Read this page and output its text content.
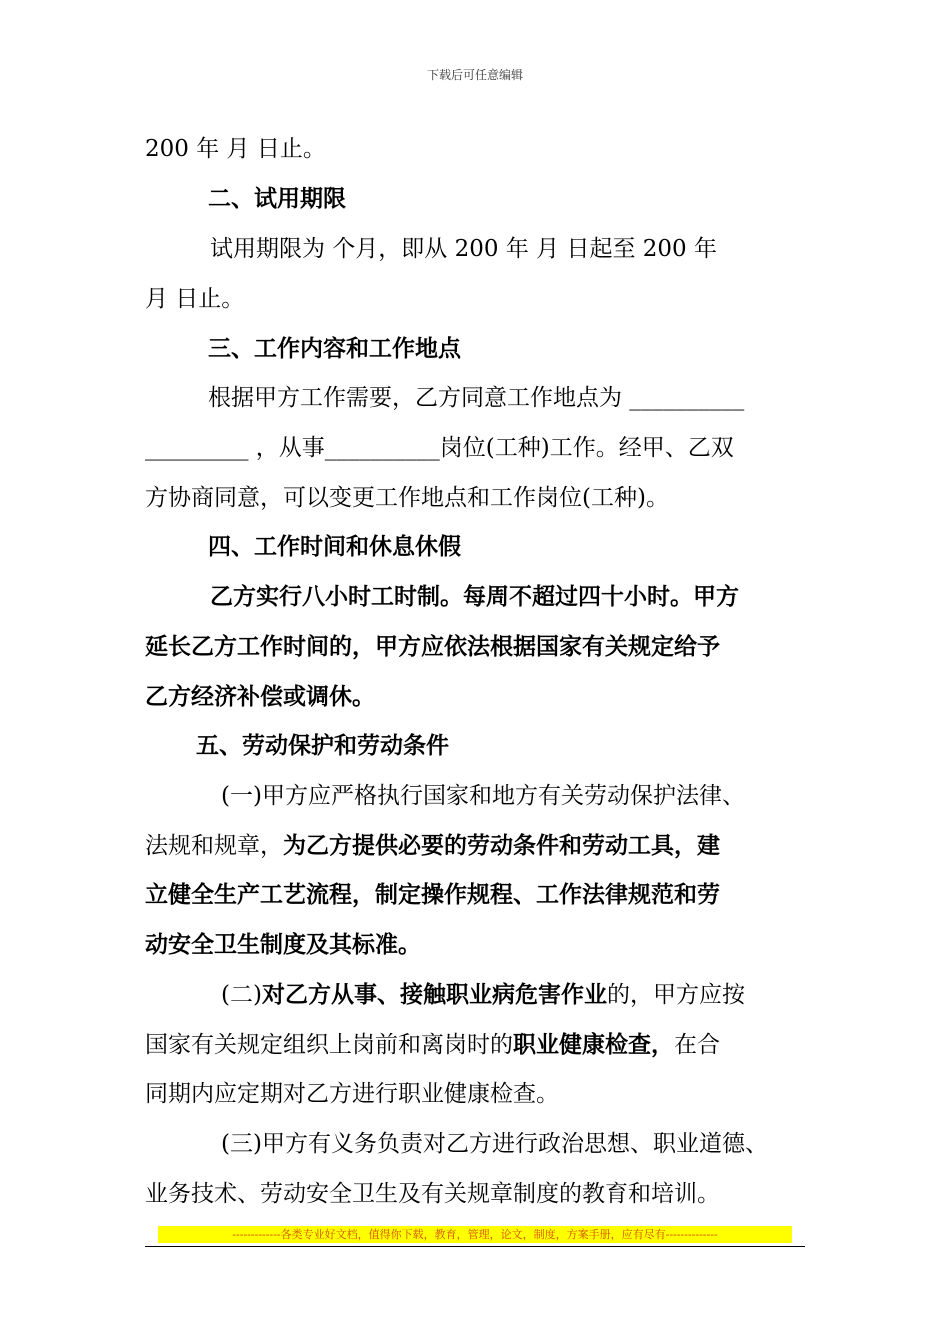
下载后可任意编辑
200 年 月 日止。
二、试用期限
试用期限为 个月，即从 200 年 月 日起至 200 年
月 日止。
三、工作内容和工作地点
根据甲方工作需要，乙方同意工作地点为 __________
_________ ，从事__________岗位(工种)工作。经甲、乙双
方协商同意，可以变更工作地点和工作岗位(工种)。
四、工作时间和休息休假
乙方实行八小时工时制。每周不超过四十小时。甲方
延长乙方工作时间的，甲方应依法根据国家有关规定给予
乙方经济补偿或调休。
五、劳动保护和劳动条件
(一)甲方应严格执行国家和地方有关劳动保护法律、
法规和规章，为乙方提供必要的劳动条件和劳动工具，建
立健全生产工艺流程，制定操作规程、工作法律规范和劳
动安全卫生制度及其标准。
(二)对乙方从事、接触职业病危害作业的，甲方应按
国家有关规定组织上岗前和离岗时的职业健康检查，在合
同期内应定期对乙方进行职业健康检查。
(三)甲方有义务负责对乙方进行政治思想、职业道德、
业务技术、劳动安全卫生及有关规章制度的教育和培训。
-------------各类专业好文档，值得你下载，教育，管理，论文，制度，方案手册，应有尽有--------------
